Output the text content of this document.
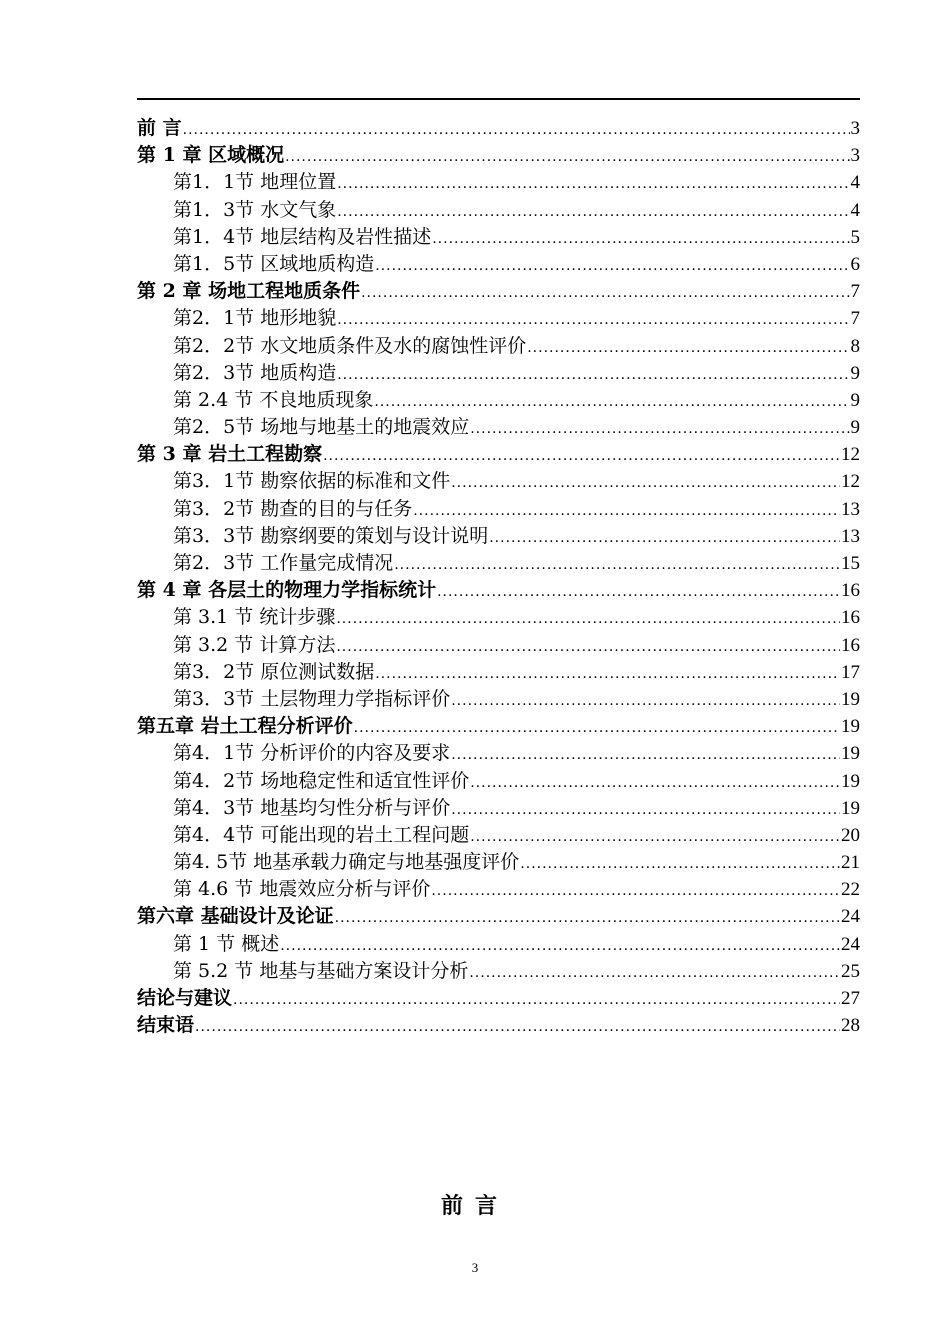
前 言 .....	3
第 1 章 区域概况 .....	3
第1．1节 地理位置 .....	4
第1．3节 水文气象 .....	4
第1．4节 地层结构及岩性描述 .....	5
第1．5节 区域地质构造 .....	6
第 2 章 场地工程地质条件 .....	7
第2．1节 地形地貌 .....	7
第2．2节 水文地质条件及水的腐蚀性评价 .....	8
第2．3节 地质构造 .....	9
第 2.4 节 不良地质现象 .....	9
第2．5节 场地与地基土的地震效应 .....	9
第 3 章 岩土工程勘察 .....	12
第3．1节 勘察依据的标准和文件 .....	12
第3．2节 勘查的目的与任务 .....	13
第3．3节 勘察纲要的策划与设计说明 .....	13
第2．3节 工作量完成情况 .....	15
第 4 章 各层土的物理力学指标统计 .....	16
第 3.1 节 统计步骤 .....	16
第 3.2 节 计算方法 .....	16
第3．2节 原位测试数据 .....	17
第3．3节 土层物理力学指标评价 .....	19
第五章 岩土工程分析评价 .....	19
第4．1节 分析评价的内容及要求 .....	19
第4．2节 场地稳定性和适宜性评价 .....	19
第4．3节 地基均匀性分析与评价 .....	19
第4．4节 可能出现的岩土工程问题 .....	20
第4. 5节 地基承载力确定与地基强度评价 .....	21
第 4.6 节 地震效应分析与评价 .....	22
第六章 基础设计及论证 .....	24
第 1 节 概述 .....	24
第 5.2 节 地基与基础方案设计分析 .....	25
结论与建议 .....	27
结束语 .....	28
前言
3
